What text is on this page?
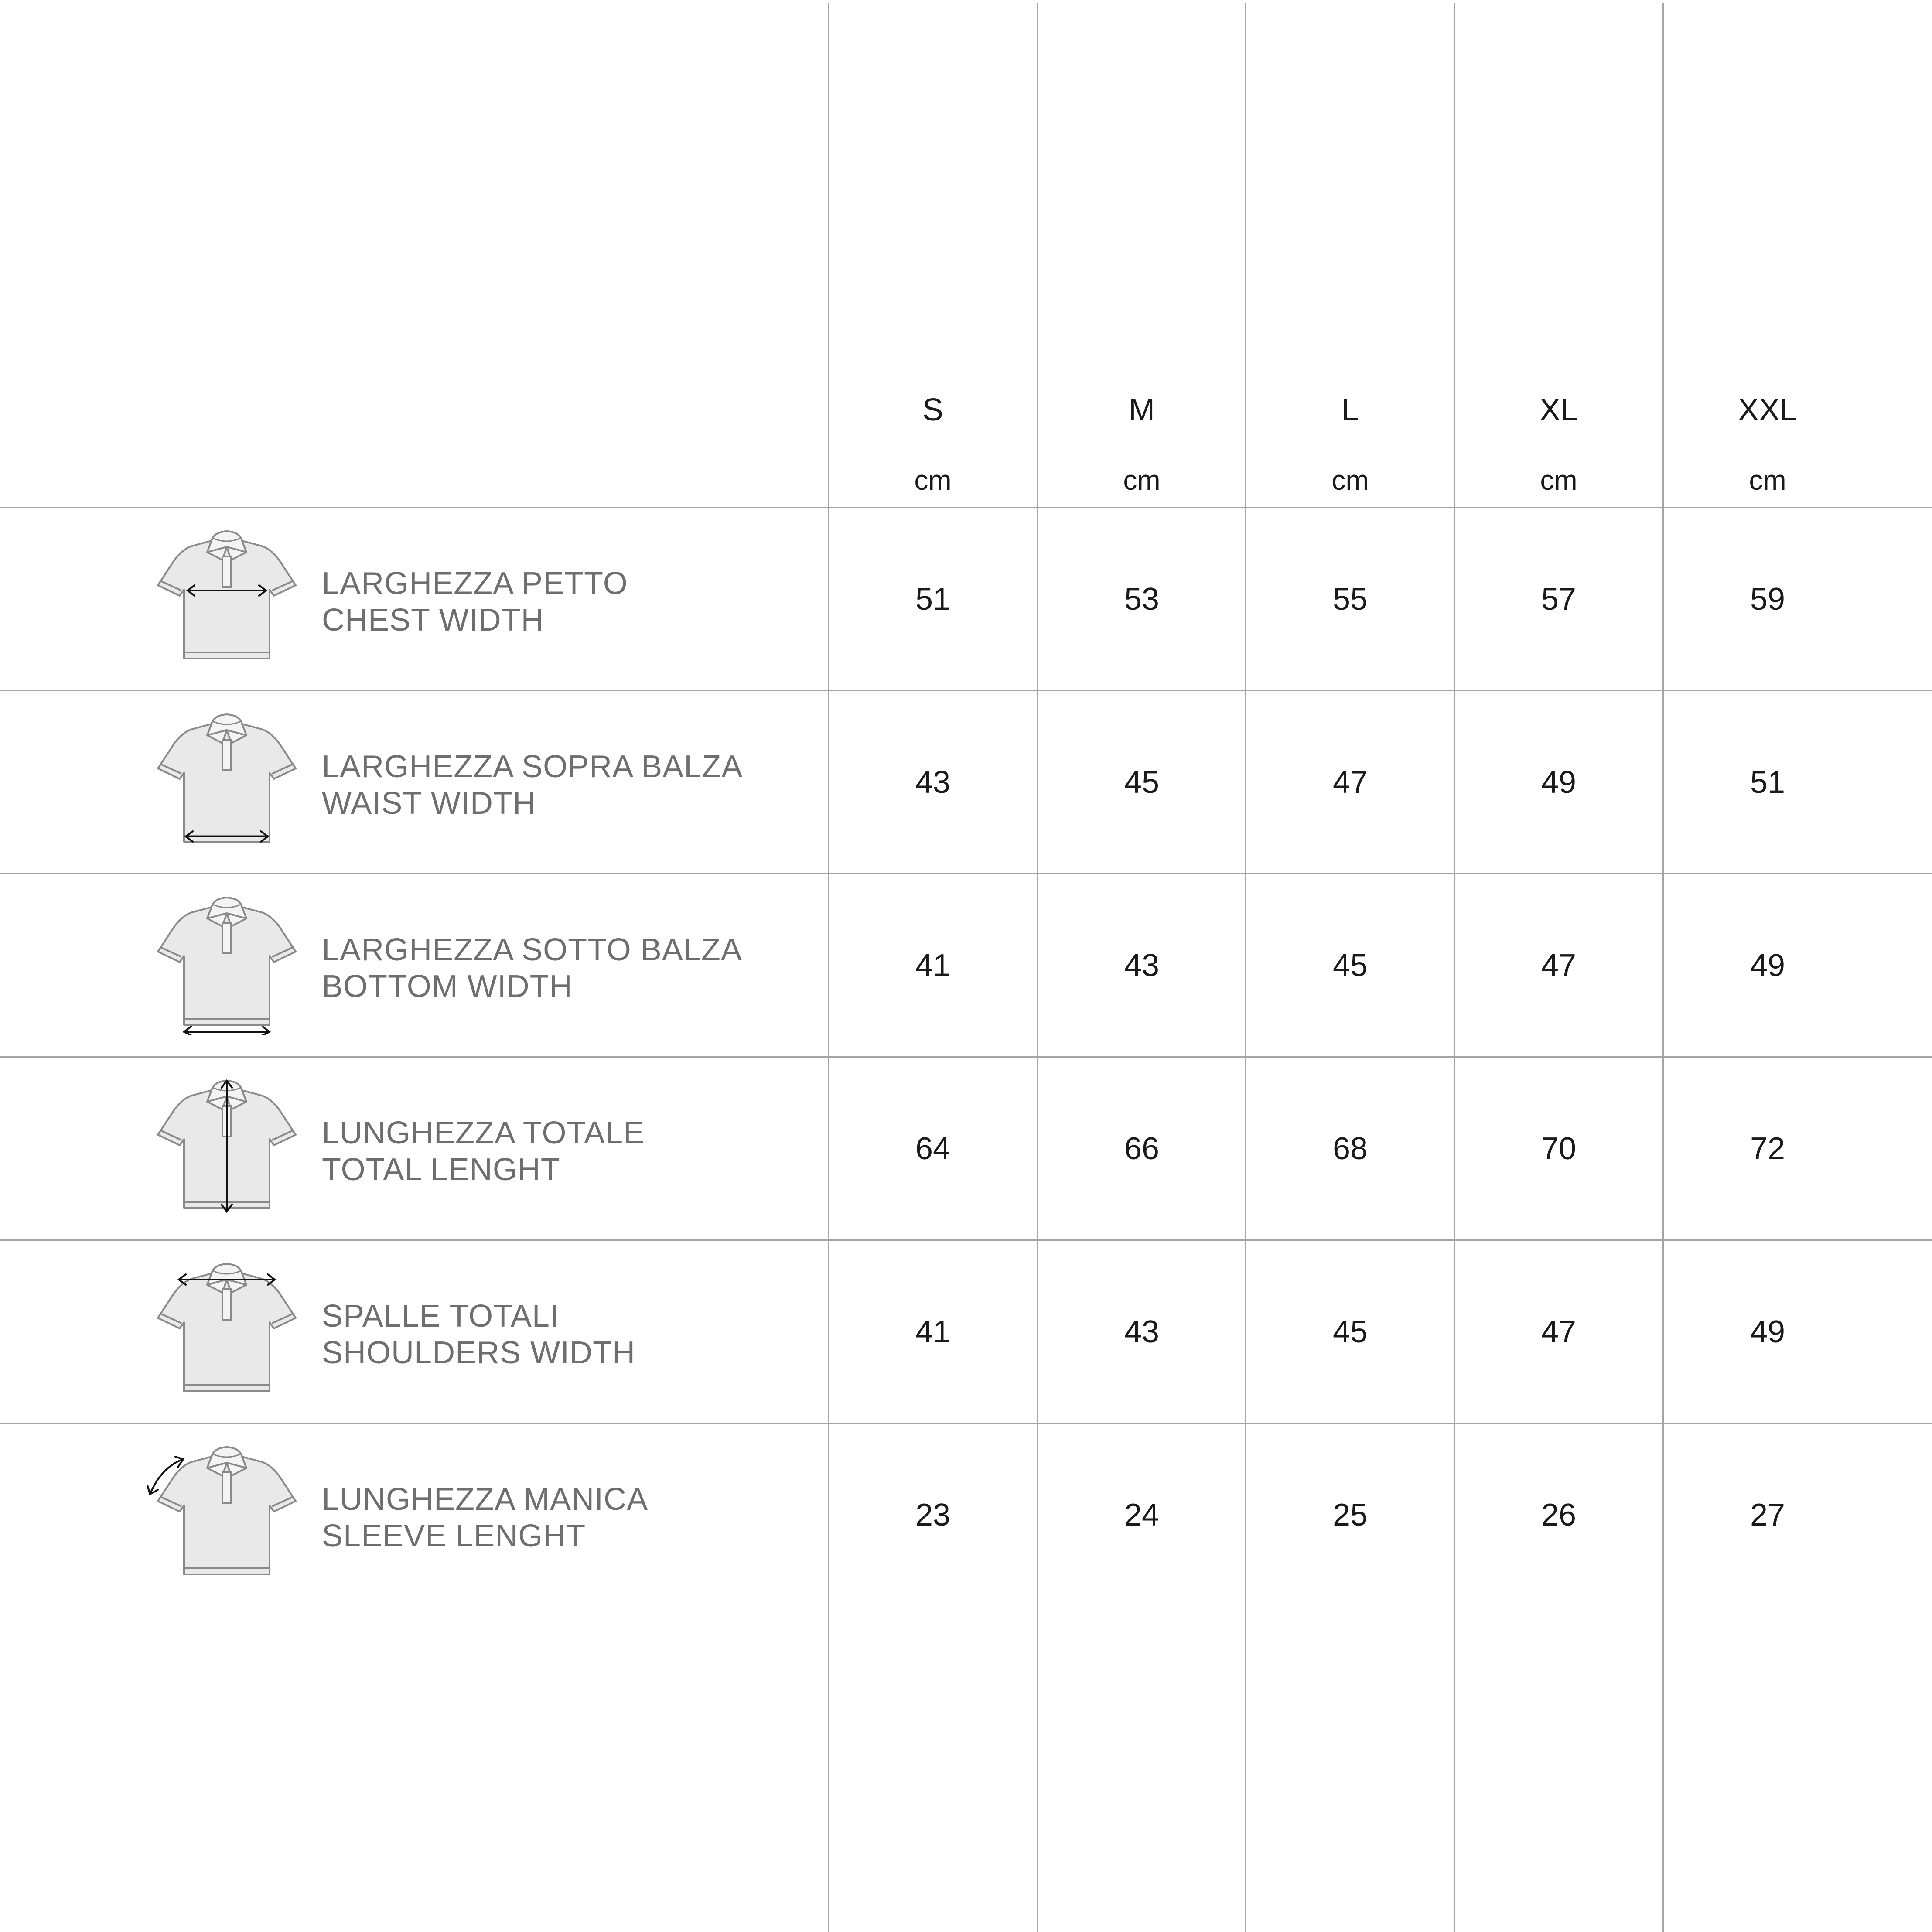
S	M	L	XL	XXL
cm	cm	cm	cm	cm
LARGHEZZA PETTO
CHEST WIDTH
51	53	55	57	59
LARGHEZZA SOPRA BALZA
WAIST WIDTH
43	45	47	49	51
LARGHEZZA SOTTO BALZA
BOTTOM WIDTH
41	43	45	47	49
LUNGHEZZA TOTALE
TOTAL LENGHT
64	66	68	70	72
SPALLE TOTALI
SHOULDERS WIDTH
41	43	45	47	49
LUNGHEZZA MANICA
SLEEVE LENGHT
23	24	25	26	27
